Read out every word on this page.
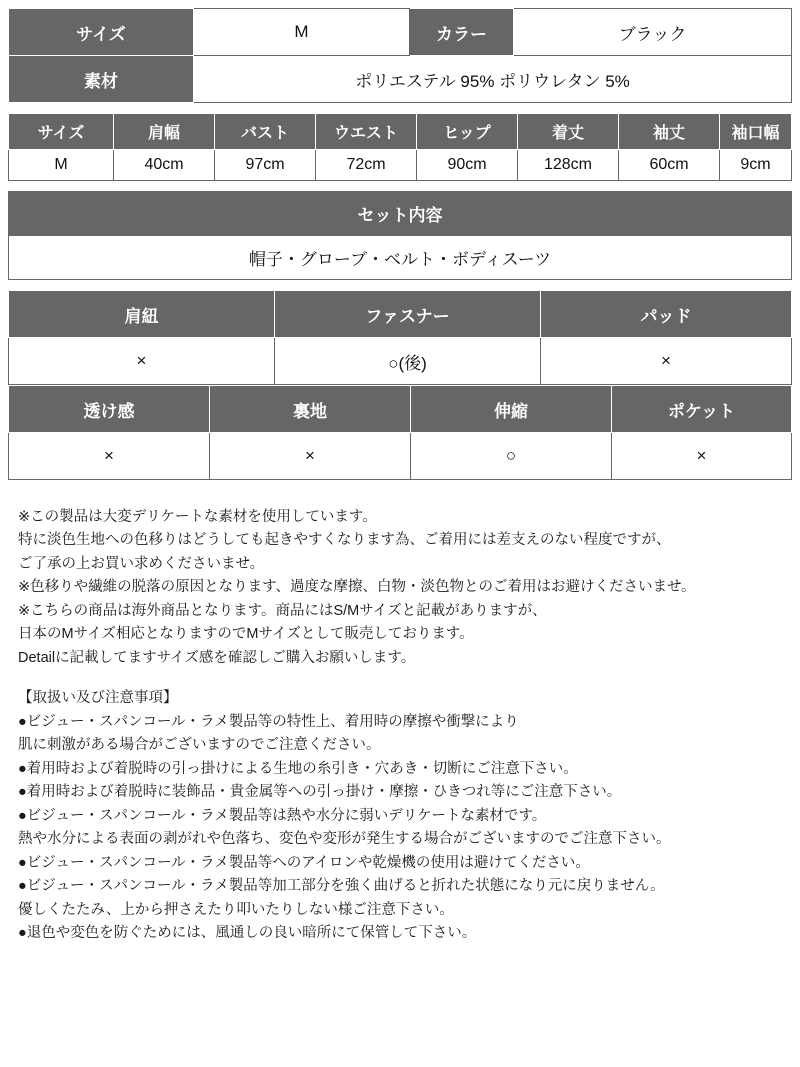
サイズ	M	カラー	ブラック
素材	ポリエステル 95% ポリウレタン 5%		
サイズ	肩幅	バスト	ウエスト	ヒップ	着丈	袖丈	袖口幅
M	40cm	97cm	72cm	90cm	128cm	60cm	9cm
セット内容
帽子・グローブ・ベルト・ボディスーツ
肩紐	ファスナー	パッド
×	○(後)	×
透け感	裏地	伸縮	ポケット
×	×	○	×

※この製品は大変デリケートな素材を使用しています。

特に淡色生地への色移りはどうしても起きやすくなります為、ご着用には差支えのない程度ですが、

ご了承の上お買い求めくださいませ。

※色移りや繊維の脱落の原因となります、過度な摩擦、白物・淡色物とのご着用はお避けくださいませ。

※こちらの商品は海外商品となります。商品にはS/Mサイズと記載がありますが、

日本のMサイズ相応となりますのでMサイズとして販売しております。

Detailに記載してますサイズ感を確認しご購入お願いします。

【取扱い及び注意事項】

●ビジュー・スパンコール・ラメ製品等の特性上、着用時の摩擦や衝撃により

肌に刺激がある場合がございますのでご注意ください。

●着用時および着脱時の引っ掛けによる生地の糸引き・穴あき・切断にご注意下さい。

●着用時および着脱時に装飾品・貴金属等への引っ掛け・摩擦・ひきつれ等にご注意下さい。

●ビジュー・スパンコール・ラメ製品等は熱や水分に弱いデリケートな素材です。

熱や水分による表面の剥がれや色落ち、変色や変形が発生する場合がございますのでご注意下さい。

●ビジュー・スパンコール・ラメ製品等へのアイロンや乾燥機の使用は避けてください。

●ビジュー・スパンコール・ラメ製品等加工部分を強く曲げると折れた状態になり元に戻りません。

優しくたたみ、上から押さえたり叩いたりしない様ご注意下さい。

●退色や変色を防ぐためには、風通しの良い暗所にて保管して下さい。
